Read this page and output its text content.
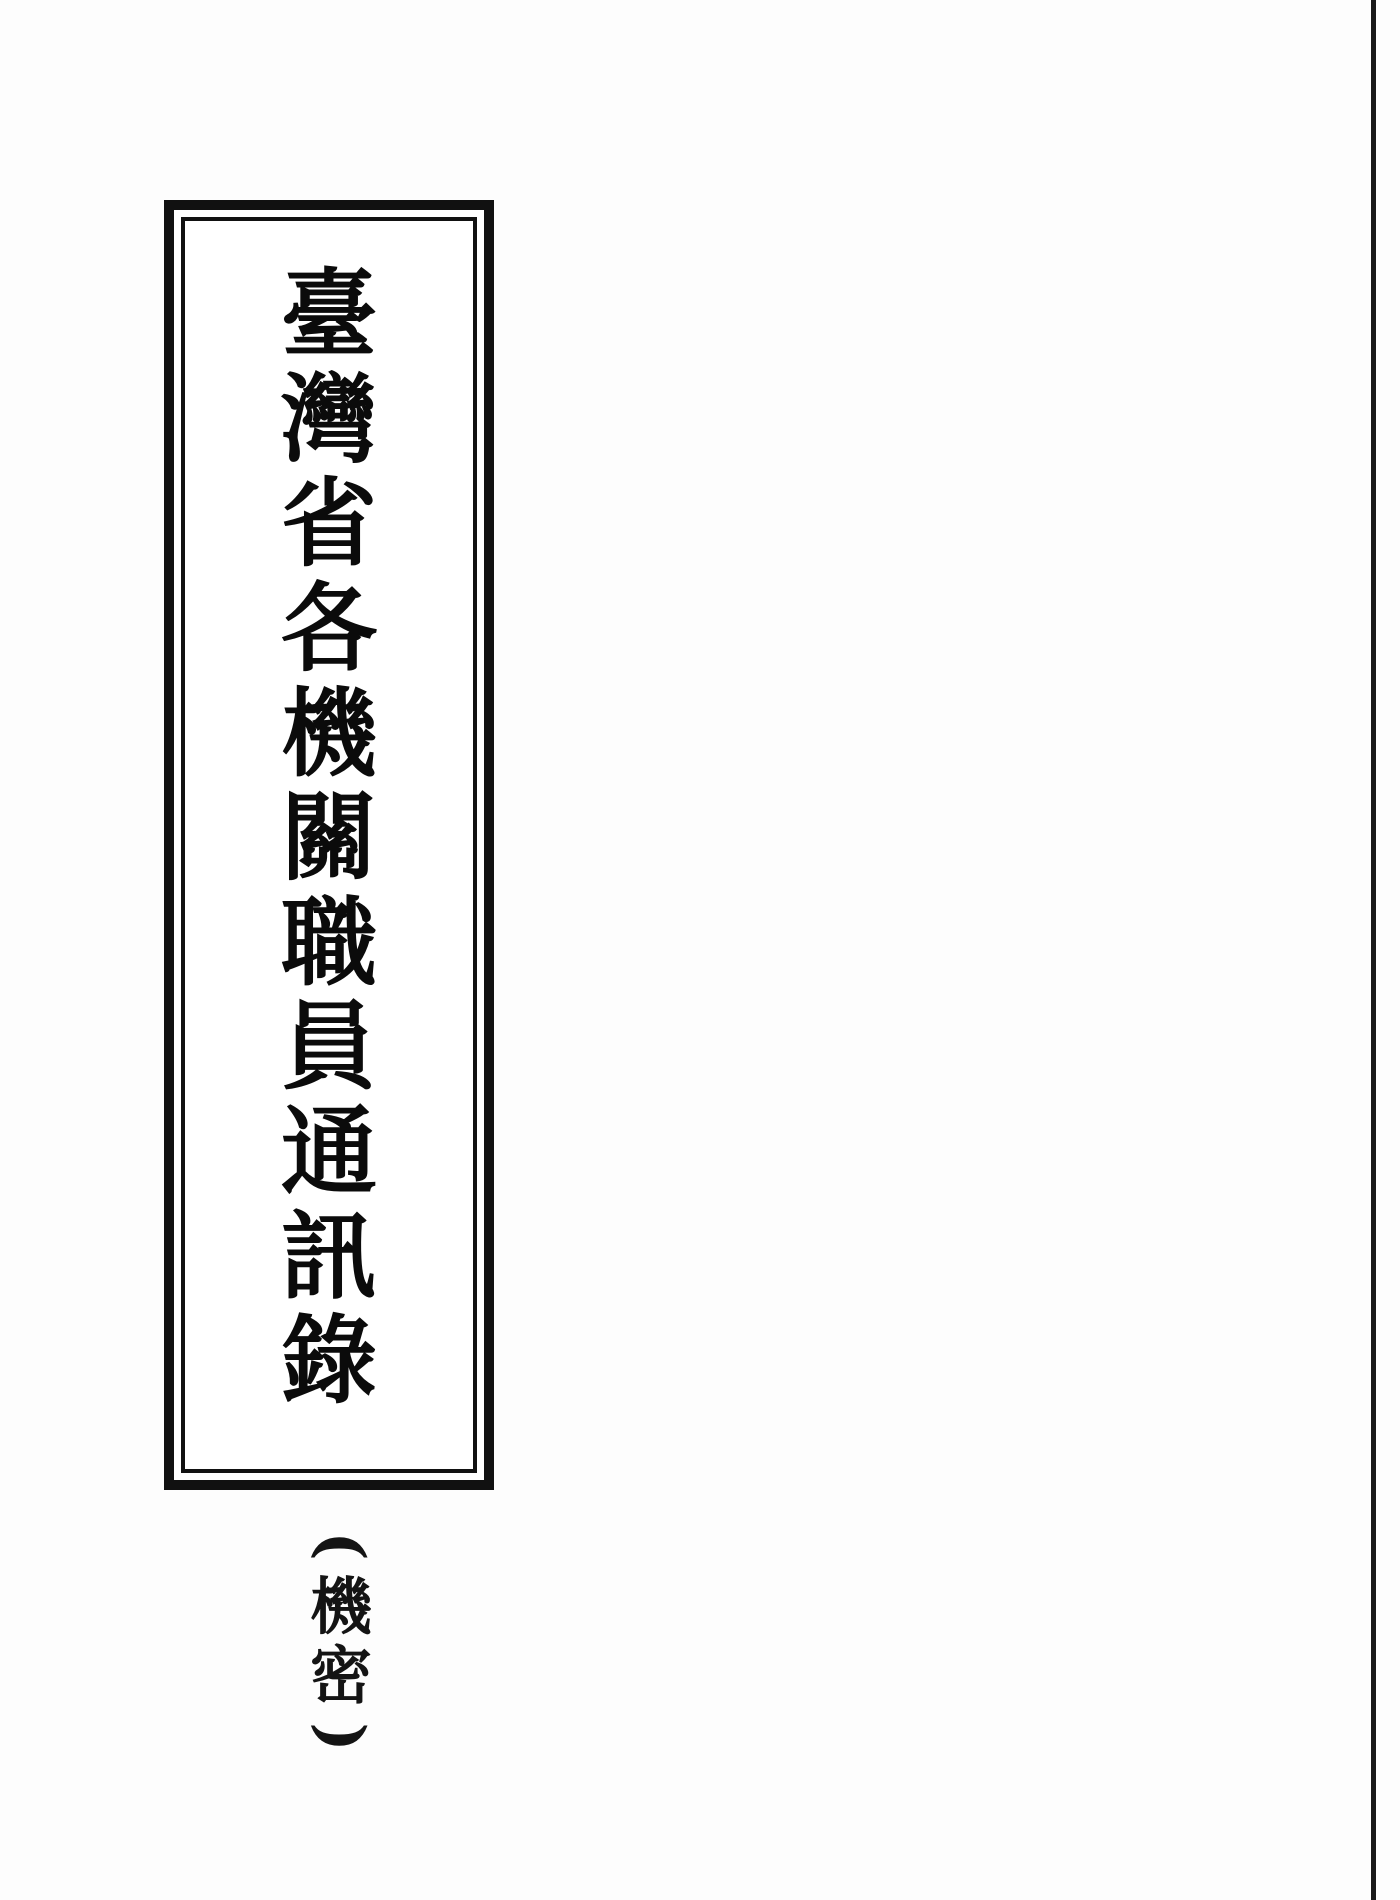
臺
灣
省
各
機
關
職
員
通
訊
錄
(
機
密
)
